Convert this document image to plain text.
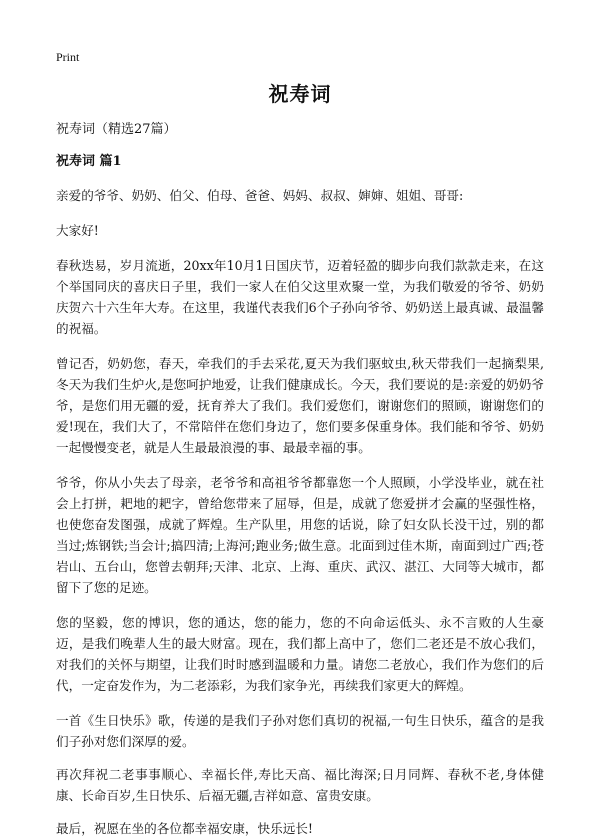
Print
祝寿词

祝寿词（精选27篇）

祝寿词 篇1

亲爱的爷爷、奶奶、伯父、伯母、爸爸、妈妈、叔叔、婶婶、姐姐、哥哥:

大家好!

春秋迭易，岁月流逝，20xx年10月1日国庆节，迈着轻盈的脚步向我们款款走来，在这个举国同庆的喜庆日子里，我们一家人在伯父这里欢聚一堂，为我们敬爱的爷爷、奶奶庆贺六十六生年大寿。在这里，我谨代表我们6个子孙向爷爷、奶奶送上最真诚、最温馨的祝福。

曾记否，奶奶您，春天，牵我们的手去采花,夏天为我们驱蚊虫,秋天带我们一起摘梨果,冬天为我们生炉火,是您呵护地爱，让我们健康成长。今天，我们要说的是:亲爱的奶奶爷爷，是您们用无疆的爱，抚育养大了我们。我们爱您们，谢谢您们的照顾，谢谢您们的爱!现在，我们大了，不常陪伴在您们身边了，您们要多保重身体。我们能和爷爷、奶奶一起慢慢变老，就是人生最最浪漫的事、最最幸福的事。

爷爷，你从小失去了母亲，老爷爷和高祖爷爷都靠您一个人照顾，小学没毕业，就在社会上打拼，耙地的耙字，曾给您带来了屈辱，但是，成就了您爱拼才会赢的坚强性格，也使您奋发图强，成就了辉煌。生产队里，用您的话说，除了妇女队长没干过，别的都当过;炼钢铁;当会计;搞四清;上海河;跑业务;做生意。北面到过佳木斯，南面到过广西;苍岩山、五台山，您曾去朝拜;天津、北京、上海、重庆、武汉、湛江、大同等大城市，都留下了您的足迹。

您的坚毅，您的博识，您的通达，您的能力，您的不向命运低头、永不言败的人生豪迈，是我们晚辈人生的最大财富。现在，我们都上高中了，您们二老还是不放心我们，对我们的关怀与期望，让我们时时感到温暖和力量。请您二老放心，我们作为您们的后代，一定奋发作为，为二老添彩，为我们家争光，再续我们家更大的辉煌。

一首《生日快乐》歌，传递的是我们子孙对您们真切的祝福,一句生日快乐，蕴含的是我们子孙对您们深厚的爱。

再次拜祝二老事事顺心、幸福长伴,寿比天高、福比海深;日月同辉、春秋不老,身体健康、长命百岁,生日快乐、后福无疆,吉祥如意、富贵安康。

最后，祝愿在坐的各位都幸福安康，快乐远长!
